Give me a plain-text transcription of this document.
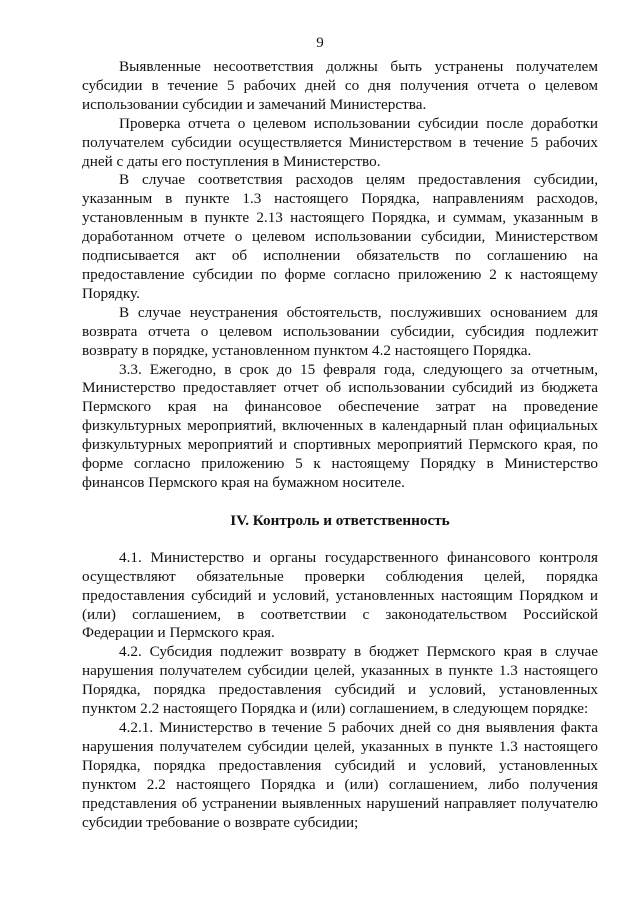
9

Выявленные несоответствия должны быть устранены получателем субсидии в течение 5 рабочих дней со дня получения отчета о целевом использовании субсидии и замечаний Министерства.

Проверка отчета о целевом использовании субсидии после доработки получателем субсидии осуществляется Министерством в течение 5 рабочих дней с даты его поступления в Министерство.

В случае соответствия расходов целям предоставления субсидии, указанным в пункте 1.3 настоящего Порядка, направлениям расходов, установленным в пункте 2.13 настоящего Порядка, и суммам, указанным в доработанном отчете о целевом использовании субсидии, Министерством подписывается акт об исполнении обязательств по соглашению на предоставление субсидии по форме согласно приложению 2 к настоящему Порядку.

В случае неустранения обстоятельств, послуживших основанием для возврата отчета о целевом использовании субсидии, субсидия подлежит возврату в порядке, установленном пунктом 4.2 настоящего Порядка.

3.3. Ежегодно, в срок до 15 февраля года, следующего за отчетным, Министерство предоставляет отчет об использовании субсидий из бюджета Пермского края на финансовое обеспечение затрат на проведение физкультурных мероприятий, включенных в календарный план официальных физкультурных мероприятий и спортивных мероприятий Пермского края, по форме согласно приложению 5 к настоящему Порядку в Министерство финансов Пермского края на бумажном носителе.

IV. Контроль и ответственность

4.1. Министерство и органы государственного финансового контроля осуществляют обязательные проверки соблюдения целей, порядка предоставления субсидий и условий, установленных настоящим Порядком и (или) соглашением, в соответствии с законодательством Российской Федерации и Пермского края.

4.2. Субсидия подлежит возврату в бюджет Пермского края в случае нарушения получателем субсидии целей, указанных в пункте 1.3 настоящего Порядка, порядка предоставления субсидий и условий, установленных пунктом 2.2 настоящего Порядка и (или) соглашением, в следующем порядке:

4.2.1. Министерство в течение 5 рабочих дней со дня выявления факта нарушения получателем субсидии целей, указанных в пункте 1.3 настоящего Порядка, порядка предоставления субсидий и условий, установленных пунктом 2.2 настоящего Порядка и (или) соглашением, либо получения представления об устранении выявленных нарушений направляет получателю субсидии требование о возврате субсидии;
